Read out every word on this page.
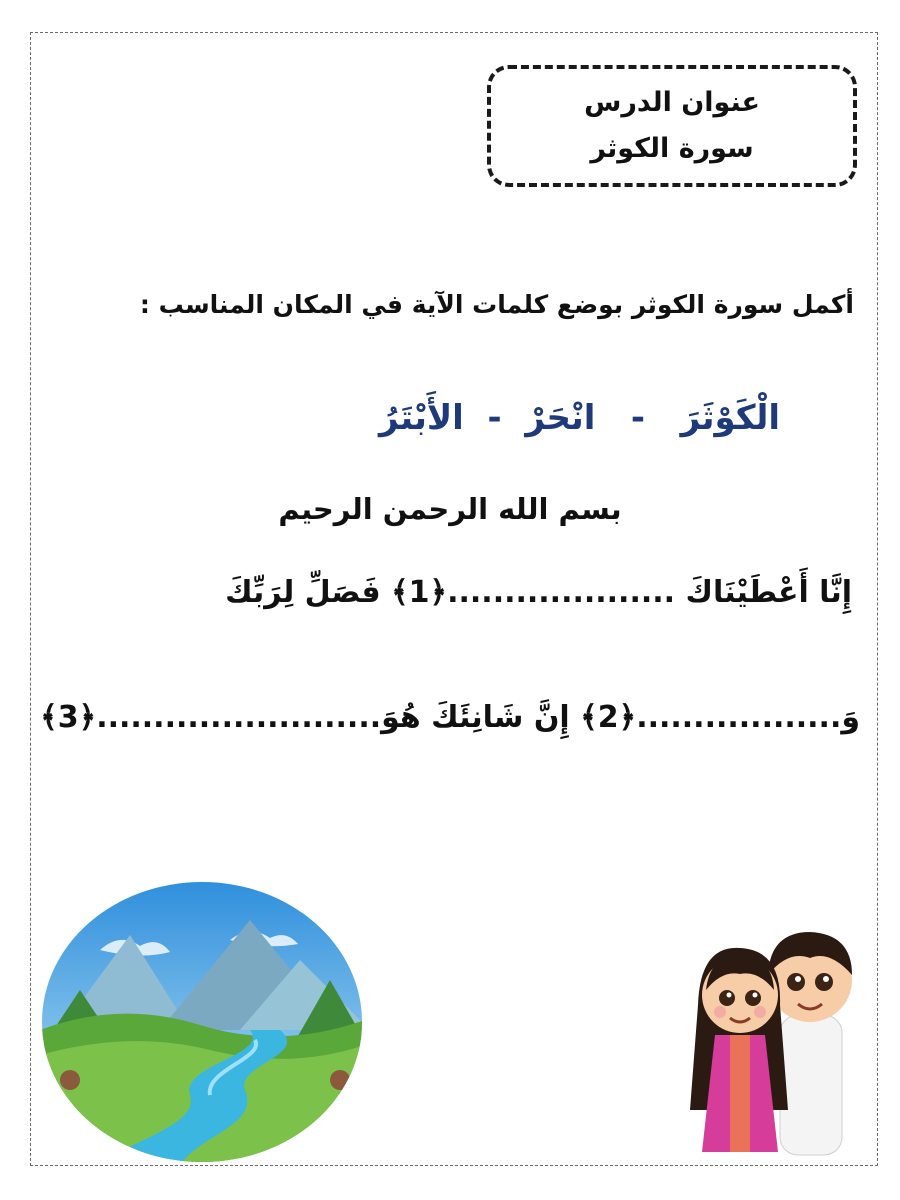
عنوان الدرس
سورة الكوثر
أكمل سورة الكوثر بوضع كلمات الآية في المكان المناسب :
الْكَوْثَرَ   -   انْحَرْ  -  الأَبْتَرُ
بسم الله الرحمن الرحيم
إِنَّا أَعْطَيْنَاكَ ....................﴿1﴾ فَصَلِّ لِرَبِّكَ
وَ..................﴿2﴾ إِنَّ شَانِئَكَ هُوَ.........................﴿3﴾
